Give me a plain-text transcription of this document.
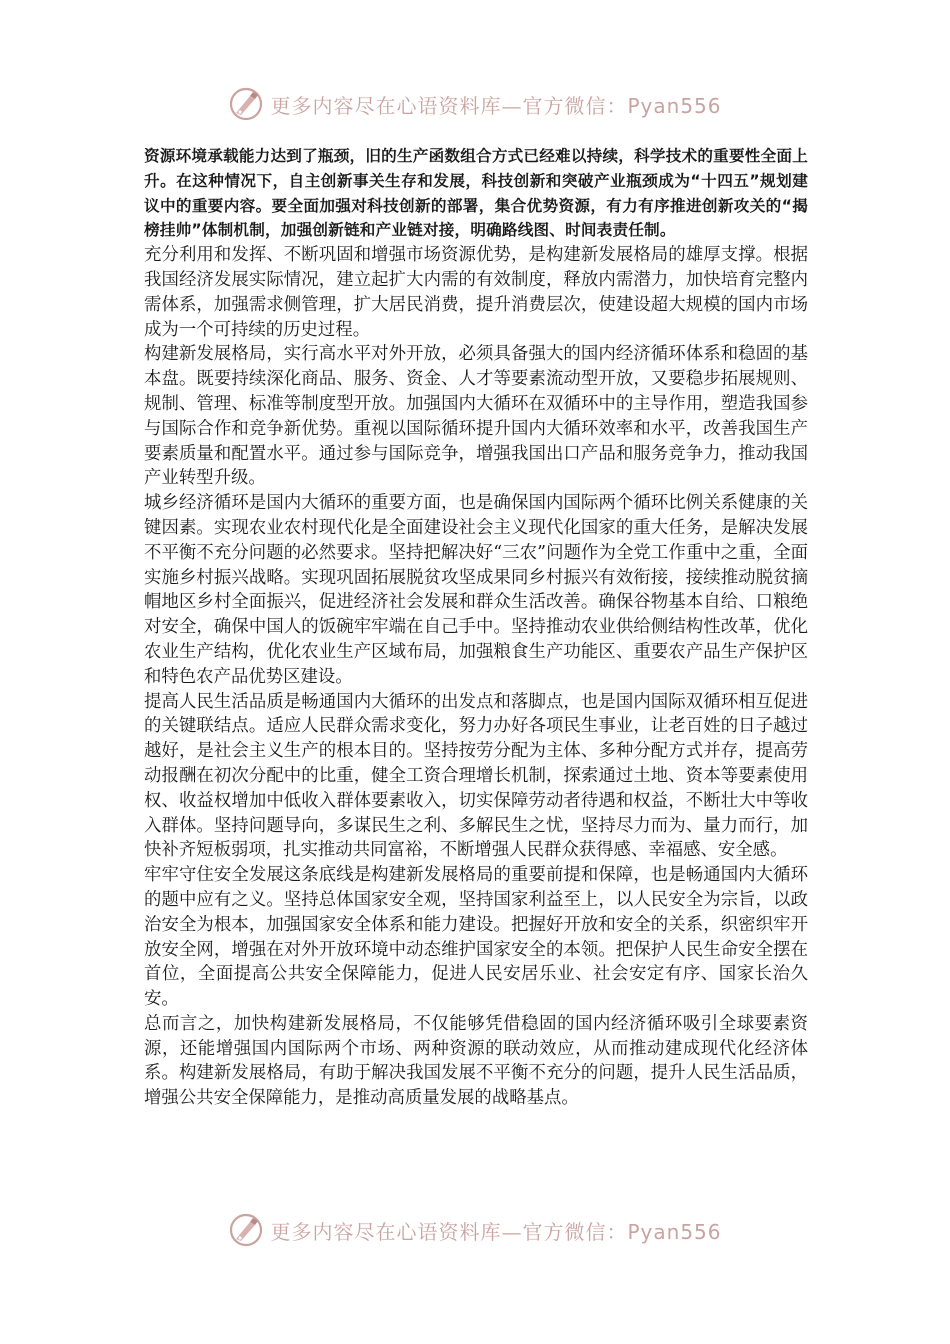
更多内容尽在心语资料库—官方微信：Pyan556

资源环境承载能力达到了瓶颈，旧的生产函数组合方式已经难以持续，科学技术的重要性全面上升。在这种情况下，自主创新事关生存和发展，科技创新和突破产业瓶颈成为“十四五”规划建议中的重要内容。要全面加强对科技创新的部署，集合优势资源，有力有序推进创新攻关的“揭榜挂帅”体制机制，加强创新链和产业链对接，明确路线图、时间表责任制。

充分利用和发挥、不断巩固和增强市场资源优势，是构建新发展格局的雄厚支撑。根据我国经济发展实际情况，建立起扩大内需的有效制度，释放内需潜力，加快培育完整内需体系，加强需求侧管理，扩大居民消费，提升消费层次，使建设超大规模的国内市场成为一个可持续的历史过程。

构建新发展格局，实行高水平对外开放，必须具备强大的国内经济循环体系和稳固的基本盘。既要持续深化商品、服务、资金、人才等要素流动型开放，又要稳步拓展规则、规制、管理、标准等制度型开放。加强国内大循环在双循环中的主导作用，塑造我国参与国际合作和竞争新优势。重视以国际循环提升国内大循环效率和水平，改善我国生产要素质量和配置水平。通过参与国际竞争，增强我国出口产品和服务竞争力，推动我国产业转型升级。

城乡经济循环是国内大循环的重要方面，也是确保国内国际两个循环比例关系健康的关键因素。实现农业农村现代化是全面建设社会主义现代化国家的重大任务，是解决发展不平衡不充分问题的必然要求。坚持把解决好“三农”问题作为全党工作重中之重，全面实施乡村振兴战略。实现巩固拓展脱贫攻坚成果同乡村振兴有效衔接，接续推动脱贫摘帽地区乡村全面振兴，促进经济社会发展和群众生活改善。确保谷物基本自给、口粮绝对安全，确保中国人的饭碗牢牢端在自己手中。坚持推动农业供给侧结构性改革，优化农业生产结构，优化农业生产区域布局，加强粮食生产功能区、重要农产品生产保护区和特色农产品优势区建设。

提高人民生活品质是畅通国内大循环的出发点和落脚点，也是国内国际双循环相互促进的关键联结点。适应人民群众需求变化，努力办好各项民生事业，让老百姓的日子越过越好，是社会主义生产的根本目的。坚持按劳分配为主体、多种分配方式并存，提高劳动报酬在初次分配中的比重，健全工资合理增长机制，探索通过土地、资本等要素使用权、收益权增加中低收入群体要素收入，切实保障劳动者待遇和权益，不断壮大中等收入群体。坚持问题导向，多谋民生之利、多解民生之忧，坚持尽力而为、量力而行，加快补齐短板弱项，扎实推动共同富裕，不断增强人民群众获得感、幸福感、安全感。

牢牢守住安全发展这条底线是构建新发展格局的重要前提和保障，也是畅通国内大循环的题中应有之义。坚持总体国家安全观，坚持国家利益至上，以人民安全为宗旨，以政治安全为根本，加强国家安全体系和能力建设。把握好开放和安全的关系，织密织牢开放安全网，增强在对外开放环境中动态维护国家安全的本领。把保护人民生命安全摆在首位，全面提高公共安全保障能力，促进人民安居乐业、社会安定有序、国家长治久安。

总而言之，加快构建新发展格局，不仅能够凭借稳固的国内经济循环吸引全球要素资源，还能增强国内国际两个市场、两种资源的联动效应，从而推动建成现代化经济体系。构建新发展格局，有助于解决我国发展不平衡不充分的问题，提升人民生活品质，增强公共安全保障能力，是推动高质量发展的战略基点。

更多内容尽在心语资料库—官方微信：Pyan556
